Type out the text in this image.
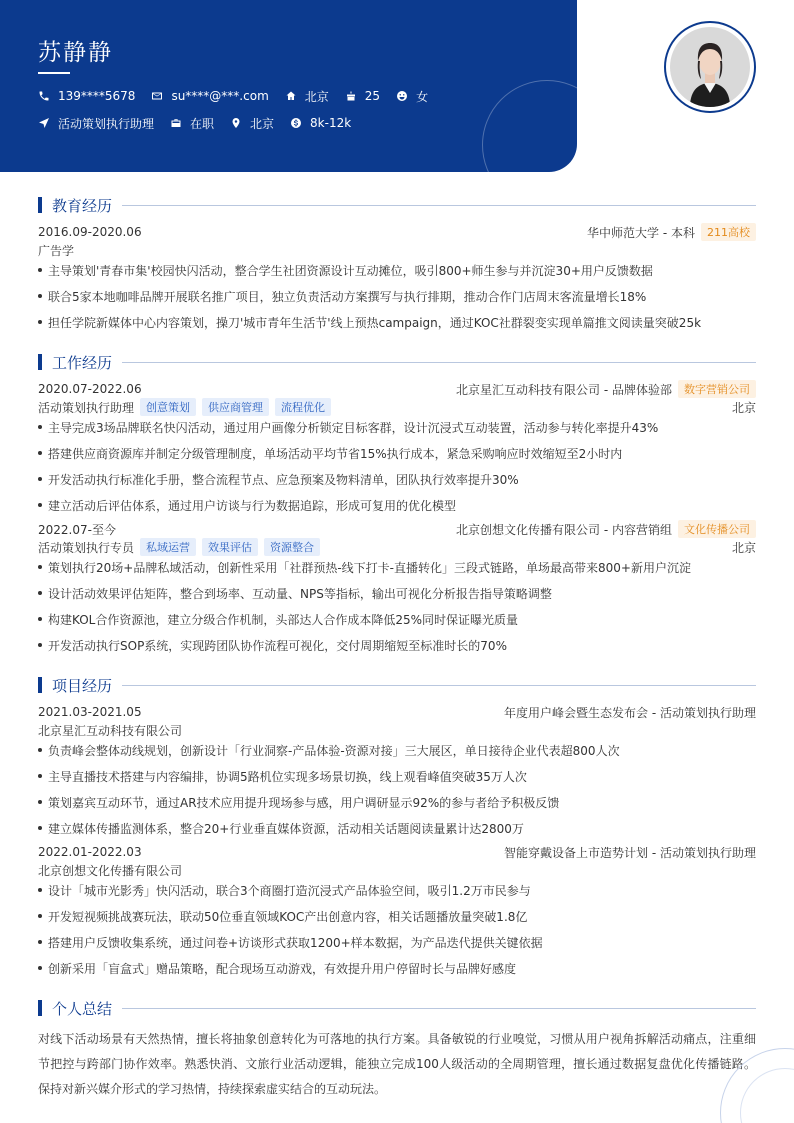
苏静静
139****5678	su****@***.com	北京	25	女
活动策划执行助理	在职	北京	8k-12k
教育经历
2016.09-2020.06	华中师范大学 - 本科	211高校
广告学
主导策划'青春市集'校园快闪活动，整合学生社团资源设计互动摊位，吸引800+师生参与并沉淀30+用户反馈数据
联合5家本地咖啡品牌开展联名推广项目，独立负责活动方案撰写与执行排期，推动合作门店周末客流量增长18%
担任学院新媒体中心内容策划，操刀'城市青年生活节'线上预热campaign，通过KOC社群裂变实现单篇推文阅读量突破25k
工作经历
2020.07-2022.06	北京星汇互动科技有限公司 - 品牌体验部	数字营销公司
活动策划执行助理	创意策划	供应商管理	流程优化	北京
主导完成3场品牌联名快闪活动，通过用户画像分析锁定目标客群，设计沉浸式互动装置，活动参与转化率提升43%
搭建供应商资源库并制定分级管理制度，单场活动平均节省15%执行成本，紧急采购响应时效缩短至2小时内
开发活动执行标准化手册，整合流程节点、应急预案及物料清单，团队执行效率提升30%
建立活动后评估体系，通过用户访谈与行为数据追踪，形成可复用的优化模型
2022.07-至今	北京创想文化传播有限公司 - 内容营销组	文化传播公司
活动策划执行专员	私域运营	效果评估	资源整合	北京
策划执行20场+品牌私域活动，创新性采用「社群预热-线下打卡-直播转化」三段式链路，单场最高带来800+新用户沉淀
设计活动效果评估矩阵，整合到场率、互动量、NPS等指标，输出可视化分析报告指导策略调整
构建KOL合作资源池，建立分级合作机制，头部达人合作成本降低25%同时保证曝光质量
开发活动执行SOP系统，实现跨团队协作流程可视化，交付周期缩短至标准时长的70%
项目经历
2021.03-2021.05	年度用户峰会暨生态发布会 - 活动策划执行助理
北京星汇互动科技有限公司
负责峰会整体动线规划，创新设计「行业洞察-产品体验-资源对接」三大展区，单日接待企业代表超800人次
主导直播技术搭建与内容编排，协调5路机位实现多场景切换，线上观看峰值突破35万人次
策划嘉宾互动环节，通过AR技术应用提升现场参与感，用户调研显示92%的参与者给予积极反馈
建立媒体传播监测体系，整合20+行业垂直媒体资源，活动相关话题阅读量累计达2800万
2022.01-2022.03	智能穿戴设备上市造势计划 - 活动策划执行助理
北京创想文化传播有限公司
设计「城市光影秀」快闪活动，联合3个商圈打造沉浸式产品体验空间，吸引1.2万市民参与
开发短视频挑战赛玩法，联动50位垂直领域KOC产出创意内容，相关话题播放量突破1.8亿
搭建用户反馈收集系统，通过问卷+访谈形式获取1200+样本数据，为产品迭代提供关键依据
创新采用「盲盒式」赠品策略，配合现场互动游戏，有效提升用户停留时长与品牌好感度
个人总结
对线下活动场景有天然热情，擅长将抽象创意转化为可落地的执行方案。具备敏锐的行业嗅觉，习惯从用户视角拆解活动痛点，注重细节把控与跨部门协作效率。熟悉快消、文旅行业活动逻辑，能独立完成100人级活动的全周期管理，擅长通过数据复盘优化传播链路。保持对新兴媒介形式的学习热情，持续探索虚实结合的互动玩法。
